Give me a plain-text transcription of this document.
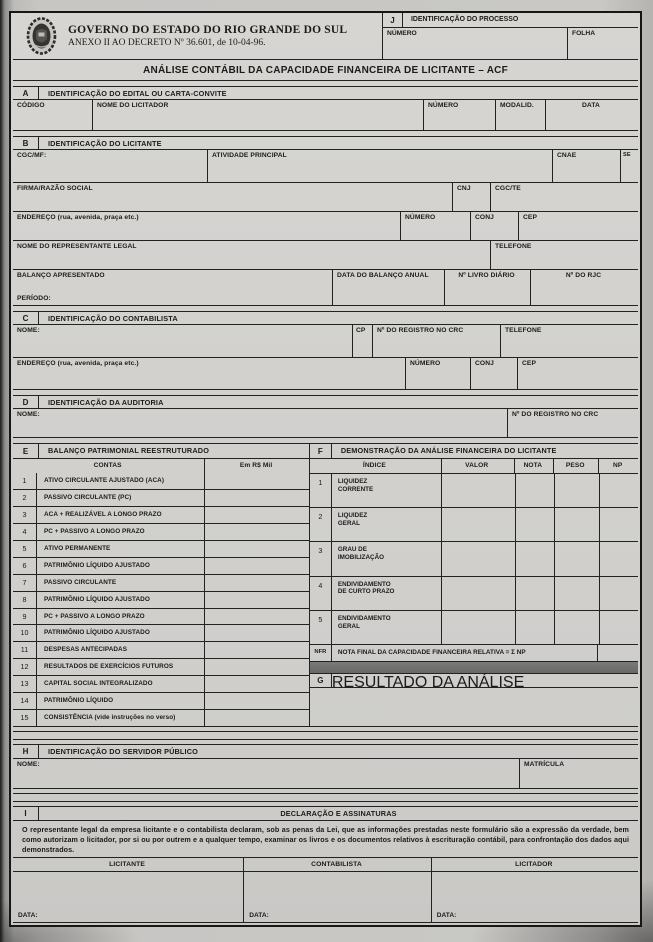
GOVERNO DO ESTADO DO RIO GRANDE DO SUL
ANEXO II AO DECRETO Nº 36.601, de 10-04-96.
J	IDENTIFICAÇÃO DO PROCESSO
NÚMERO	FOLHA
ANÁLISE CONTÁBIL DA CAPACIDADE FINANCEIRA DE LICITANTE – ACF
A	IDENTIFICAÇÃO DO EDITAL OU CARTA-CONVITE
CÓDIGO	NOME DO LICITADOR	NÚMERO	MODALID.	DATA
B	IDENTIFICAÇÃO DO LICITANTE
CGC/MF:	ATIVIDADE PRINCIPAL	CNAE	SE
FIRMA/RAZÃO SOCIAL	CNJ	CGC/TE
ENDEREÇO (rua, avenida, praça etc.)	NÚMERO	CONJ	CEP
NOME DO REPRESENTANTE LEGAL	TELEFONE
BALANÇO APRESENTADO
PERÍODO:
DATA DO BALANÇO ANUAL	Nº LIVRO DIÁRIO	Nº DO RJC
C	IDENTIFICAÇÃO DO CONTABILISTA
NOME:	CP	Nº DO REGISTRO NO CRC	TELEFONE
ENDEREÇO (rua, avenida, praça etc.)	NÚMERO	CONJ	CEP
D	IDENTIFICAÇÃO DA AUDITORIA
NOME:	Nº DO REGISTRO NO CRC
E	BALANÇO PATRIMONIAL REESTRUTURADO
CONTAS	Em R$ Mil
1	ATIVO CIRCULANTE AJUSTADO (ACA)
2	PASSIVO CIRCULANTE (PC)
3	ACA + REALIZÁVEL A LONGO PRAZO
4	PC + PASSIVO A LONGO PRAZO
5	ATIVO PERMANENTE
6	PATRIMÔNIO LÍQUIDO AJUSTADO
7	PASSIVO CIRCULANTE
8	PATRIMÔNIO LÍQUIDO AJUSTADO
9	PC + PASSIVO A LONGO PRAZO
10	PATRIMÔNIO LÍQUIDO AJUSTADO
11	DESPESAS ANTECIPADAS
12	RESULTADOS DE EXERCÍCIOS FUTUROS
13	CAPITAL SOCIAL INTEGRALIZADO
14	PATRIMÔNIO LÍQUIDO
15	CONSISTÊNCIA (vide instruções no verso)
F	DEMONSTRAÇÃO DA ANÁLISE FINANCEIRA DO LICITANTE
ÍNDICE	VALOR	NOTA	PESO	NP
1	LIQUIDEZ
CORRENTE
2	LIQUIDEZ
GERAL
3	GRAU DE
IMOBILIZAÇÃO
4	ENDIVIDAMENTO
DE CURTO PRAZO
5	ENDIVIDAMENTO
GERAL
NFR	NOTA FINAL DA CAPACIDADE FINANCEIRA RELATIVA = Σ NP
G RESULTADO DA ANÁLISE
H	IDENTIFICAÇÃO DO SERVIDOR PÚBLICO
NOME:	MATRÍCULA
I	DECLARAÇÃO E ASSINATURAS
O representante legal da empresa licitante e o contabilista declaram, sob as penas da Lei, que as informações prestadas neste formulário são a expressão da verdade, bem como autorizam o licitador, por si ou por outrem e a qualquer tempo, examinar os livros e os documentos relativos à escrituração contábil, para confrontação dos dados aqui demonstrados.
LICITANTE	CONTABILISTA	LICITADOR
DATA:	DATA:	DATA:
